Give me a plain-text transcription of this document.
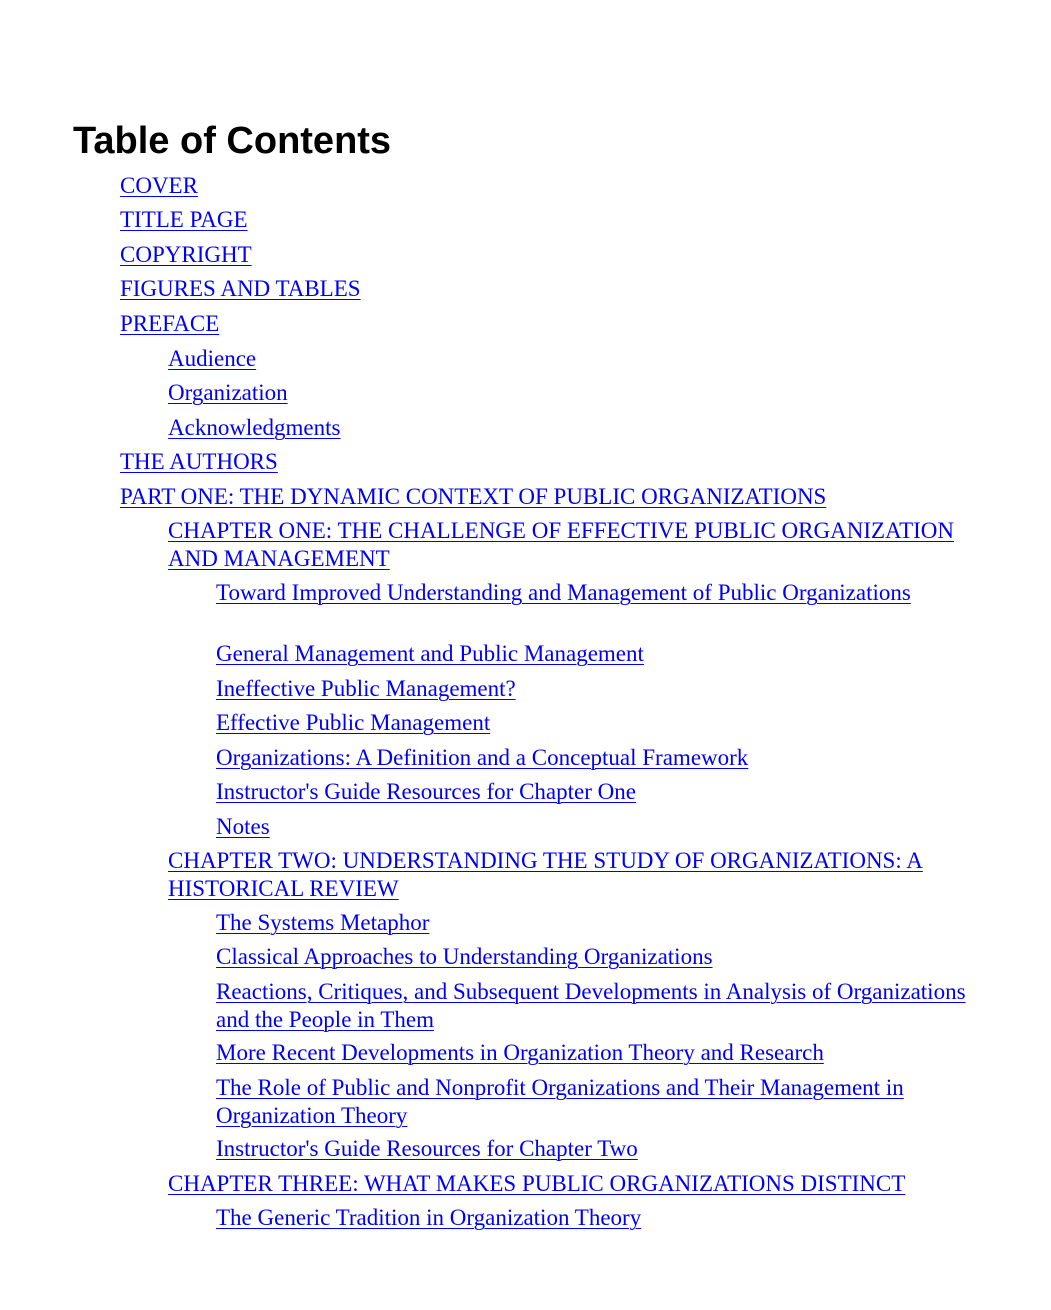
Table of Contents
COVER
TITLE PAGE
COPYRIGHT
FIGURES AND TABLES
PREFACE
Audience
Organization
Acknowledgments
THE AUTHORS
PART ONE: THE DYNAMIC CONTEXT OF PUBLIC ORGANIZATIONS
CHAPTER ONE: THE CHALLENGE OF EFFECTIVE PUBLIC ORGANIZATION AND MANAGEMENT
Toward Improved Understanding and Management of Public Organizations
General Management and Public Management
Ineffective Public Management?
Effective Public Management
Organizations: A Definition and a Conceptual Framework
Instructor's Guide Resources for Chapter One
Notes
CHAPTER TWO: UNDERSTANDING THE STUDY OF ORGANIZATIONS: A HISTORICAL REVIEW
The Systems Metaphor
Classical Approaches to Understanding Organizations
Reactions, Critiques, and Subsequent Developments in Analysis of Organizations and the People in Them
More Recent Developments in Organization Theory and Research
The Role of Public and Nonprofit Organizations and Their Management in Organization Theory
Instructor's Guide Resources for Chapter Two
CHAPTER THREE: WHAT MAKES PUBLIC ORGANIZATIONS DISTINCT
The Generic Tradition in Organization Theory
